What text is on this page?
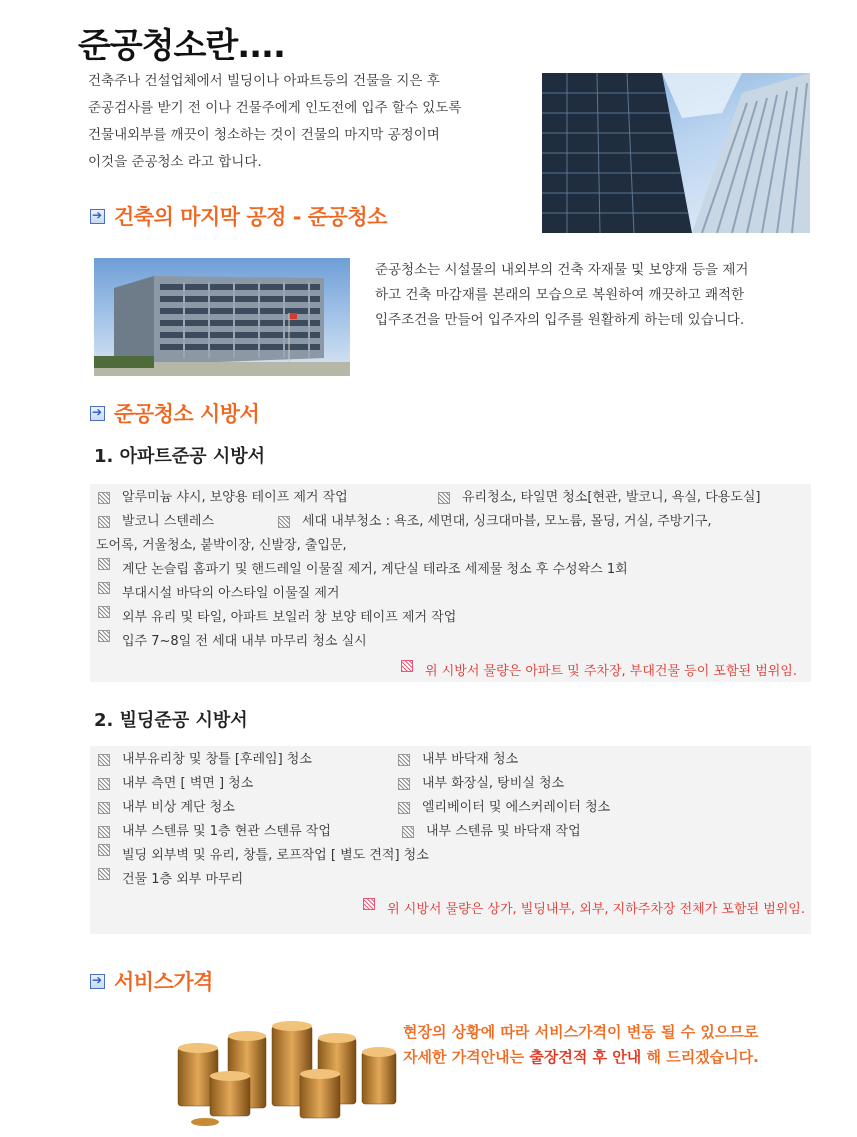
준공청소란....

건축주나 건설업체에서 빌딩이나 아파트등의 건물을 지은 후

준공검사를 받기 전 이나 건물주에게 인도전에 입주 할수 있도록

건물내외부를 깨끗이 청소하는 것이 건물의 마지막 공정이며

이것을 준공청소 라고 합니다.

➔
건축의 마지막 공정 - 준공청소

준공청소는 시설물의 내외부의 건축 자재물 및 보양재 등을 제거

하고 건축 마감재를 본래의 모습으로 복원하여 깨끗하고 쾌적한

입주조건을 만들어 입주자의 입주를 원활하게 하는데 있습니다.

➔
준공청소 시방서
1. 아파트준공 시방서
알루미늄 샤시, 보양용 테이프 제거 작업	유리청소, 타일면 청소[현관, 발코니, 욕실, 다용도실]
발코니 스텐레스	세대 내부청소 : 욕조, 세면대, 싱크대마블, 모노륨, 몰딩, 거실, 주방기구,
도어록, 거울청소, 붙박이장, 신발장, 출입문,
계단 논슬립 홈파기 및 핸드레일 이물질 제거, 계단실 테라조 세제물 청소 후 수성왁스 1회
부대시설 바닥의 아스타일 이물질 제거
외부 유리 및 타일, 아파트 보일러 창 보양 테이프 제거 작업
입주 7~8일 전 세대 내부 마무리 청소 실시
위 시방서 물량은 아파트 및 주차장, 부대건물 등이 포함된 범위임.
2. 빌딩준공 시방서
내부유리창 및 창틀 [후레임] 청소	내부 바닥재 청소
내부 측면 [ 벽면 ] 청소	내부 화장실, 탕비실 청소
내부 비상 계단 청소	엘리베이터 및 에스커레이터 청소
내부 스텐류 및 1층 현관 스텐류 작업	내부 스텐류 및 바닥재 작업
빌딩 외부벽 및 유리, 창틀, 로프작업 [ 별도 견적] 청소
건물 1층 외부 마무리
위 시방서 물량은 상가, 빌딩내부, 외부, 지하주차장 전체가 포함된 범위임.
➔
서비스가격
현장의 상황에 따라 서비스가격이 변동 될 수 있으므로
자세한 가격안내는 출장견적 후 안내 해 드리겠습니다.
